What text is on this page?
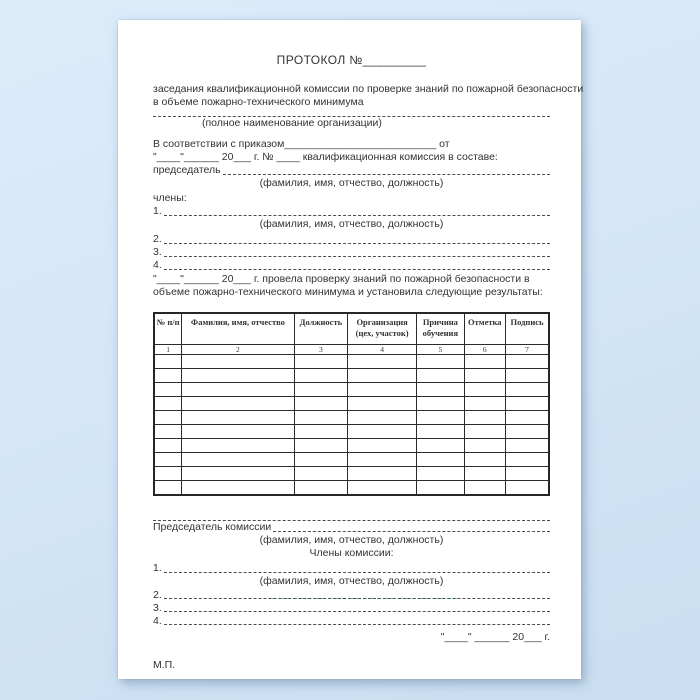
ПРОТОКОЛ №_________
заседания квалификационной комиссии по проверке знаний по пожарной безопасности
в объеме пожарно-технического минимума
(полное наименование организации)
В соответствии с приказом__________________________ от
"____"______ 20___ г. № ____ квалификационная комиссия в составе:
председатель
(фамилия, имя, отчество, должность)
члены:
1.
(фамилия, имя, отчество, должность)
2.
3.
4.
"____"______ 20___ г. провела проверку знаний по пожарной безопасности в
объеме пожарно-технического минимума и установила следующие результаты:
№ п/п	Фамилия, имя, отчество	Должность	Организация (цех, участок)	Причина обучения	Отметка	Подпись
1	2	3	4	5	6	7

Председатель комиссии
(фамилия, имя, отчество, должность)
Члены комиссии:
1.
(фамилия, имя, отчество, должность)
2.
3.
4.
"____" ______ 20___ г.
М.П.
